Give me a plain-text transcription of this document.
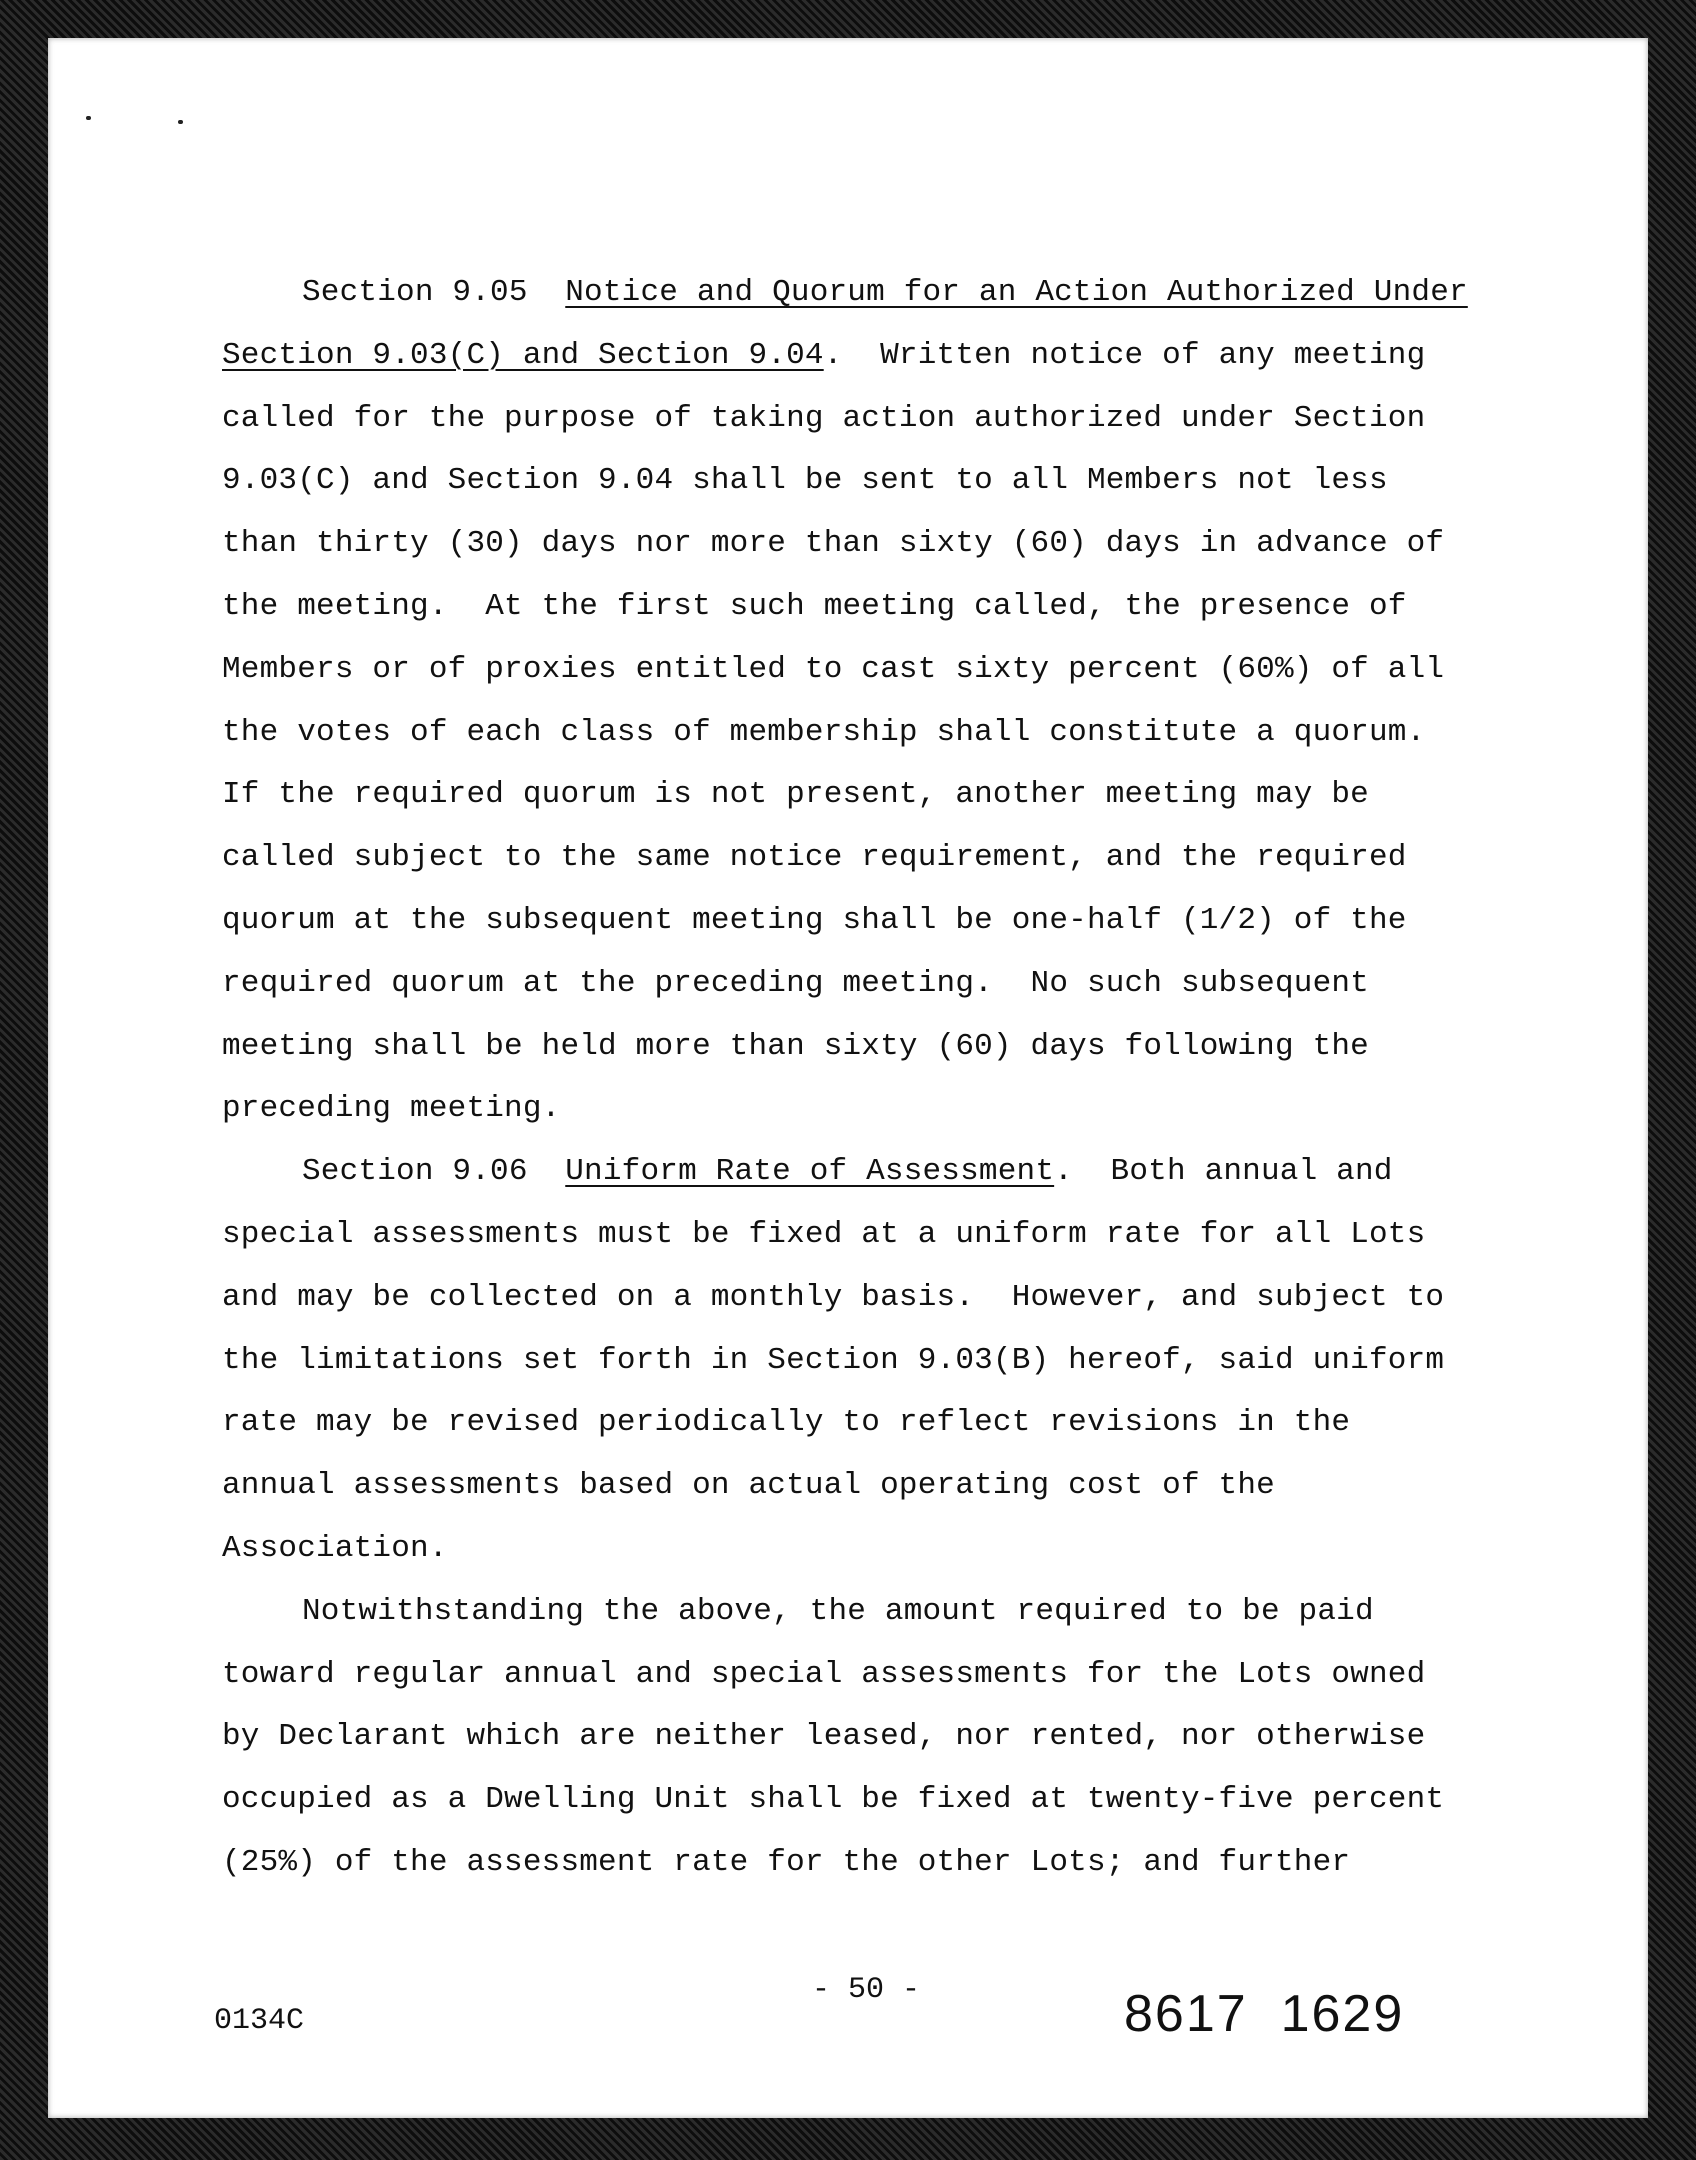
Section 9.05  Notice and Quorum for an Action Authorized Under
Section 9.03(C) and Section 9.04.  Written notice of any meeting
called for the purpose of taking action authorized under Section
9.03(C) and Section 9.04 shall be sent to all Members not less
than thirty (30) days nor more than sixty (60) days in advance of
the meeting.  At the first such meeting called, the presence of
Members or of proxies entitled to cast sixty percent (60%) of all
the votes of each class of membership shall constitute a quorum.
If the required quorum is not present, another meeting may be
called subject to the same notice requirement, and the required
quorum at the subsequent meeting shall be one-half (1/2) of the
required quorum at the preceding meeting.  No such subsequent
meeting shall be held more than sixty (60) days following the
preceding meeting.
Section 9.06  Uniform Rate of Assessment.  Both annual and
special assessments must be fixed at a uniform rate for all Lots
and may be collected on a monthly basis.  However, and subject to
the limitations set forth in Section 9.03(B) hereof, said uniform
rate may be revised periodically to reflect revisions in the
annual assessments based on actual operating cost of the
Association.
Notwithstanding the above, the amount required to be paid
toward regular annual and special assessments for the Lots owned
by Declarant which are neither leased, nor rented, nor otherwise
occupied as a Dwelling Unit shall be fixed at twenty-five percent
(25%) of the assessment rate for the other Lots; and further
0134C
- 50 -	8617  1629
